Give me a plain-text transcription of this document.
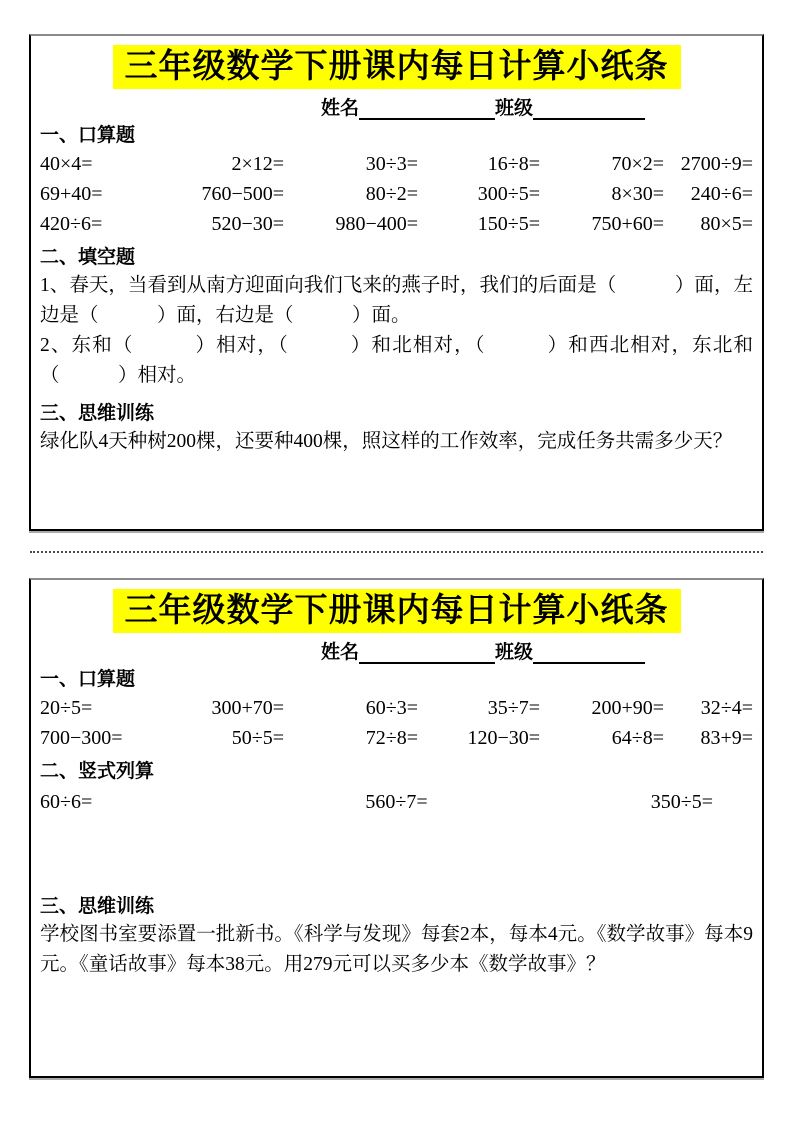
三年级数学下册课内每日计算小纸条
姓名	班级
一、口算题
40×4=	2×12=	30÷3=	16÷8=	70×2= 2700÷9=
69+40=	760−500=	80÷2=	300÷5=	8×30=	240÷6=
420÷6=	520−30=	980−400=	150÷5=	750+60=	80×5=
二、填空题
1、春天，当看到从南方迎面向我们飞来的燕子时，我们的后面是（　　　）面，左边是（　　　）面，右边是（　　　）面。
2、东和（　　　）相对，（　　　）和北相对，（　　　）和西北相对，东北和（　　　）相对。
三、思维训练
绿化队4天种树200棵，还要种400棵，照这样的工作效率，完成任务共需多少天？
三年级数学下册课内每日计算小纸条
姓名	班级
一、口算题
20÷5=	300+70=	60÷3=	35÷7=	200+90=	32÷4=
700−300=	50÷5=	72÷8=	120−30=	64÷8=	83+9=
二、竖式列算
60÷6=	560÷7=	350÷5=
三、思维训练
学校图书室要添置一批新书。《科学与发现》每套2本，每本4元。《数学故事》每本9元。《童话故事》每本38元。用279元可以买多少本《数学故事》？
